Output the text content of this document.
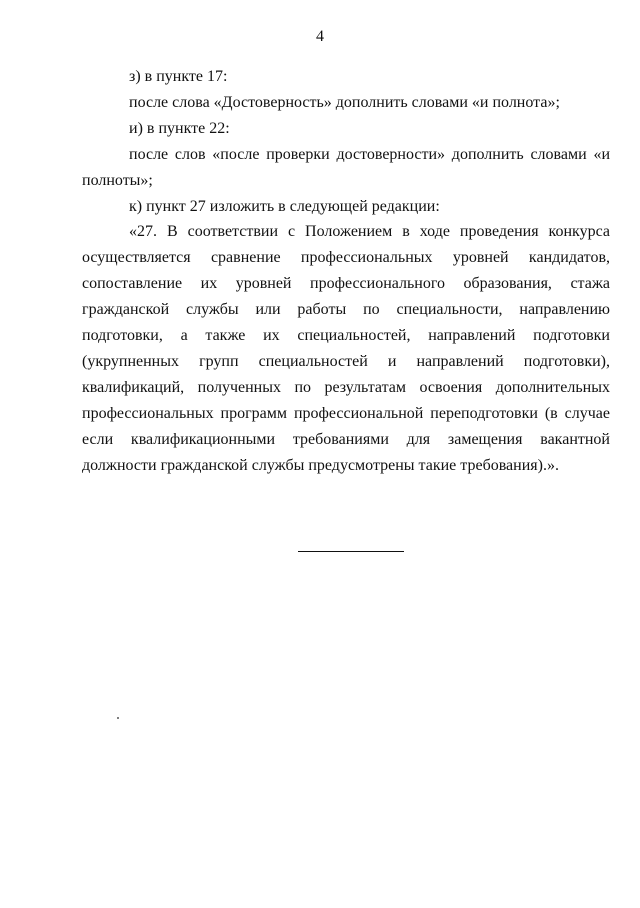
4

з) в пункте 17:

после слова «Достоверность» дополнить словами «и полнота»;

и) в пункте 22:

после слов «после проверки достоверности» дополнить словами «и полноты»;

к) пункт 27 изложить в следующей редакции:

«27. В соответствии с Положением в ходе проведения конкурса осуществляется сравнение профессиональных уровней кандидатов, сопоставление их уровней профессионального образования, стажа гражданской службы или работы по специальности, направлению подготовки, а также их специальностей, направлений подготовки (укрупненных групп специальностей и направлений подготовки), квалификаций, полученных по результатам освоения дополнительных профессиональных программ профессиональной переподготовки (в случае если квалификационными требованиями для замещения вакантной должности гражданской службы предусмотрены такие требования).».
